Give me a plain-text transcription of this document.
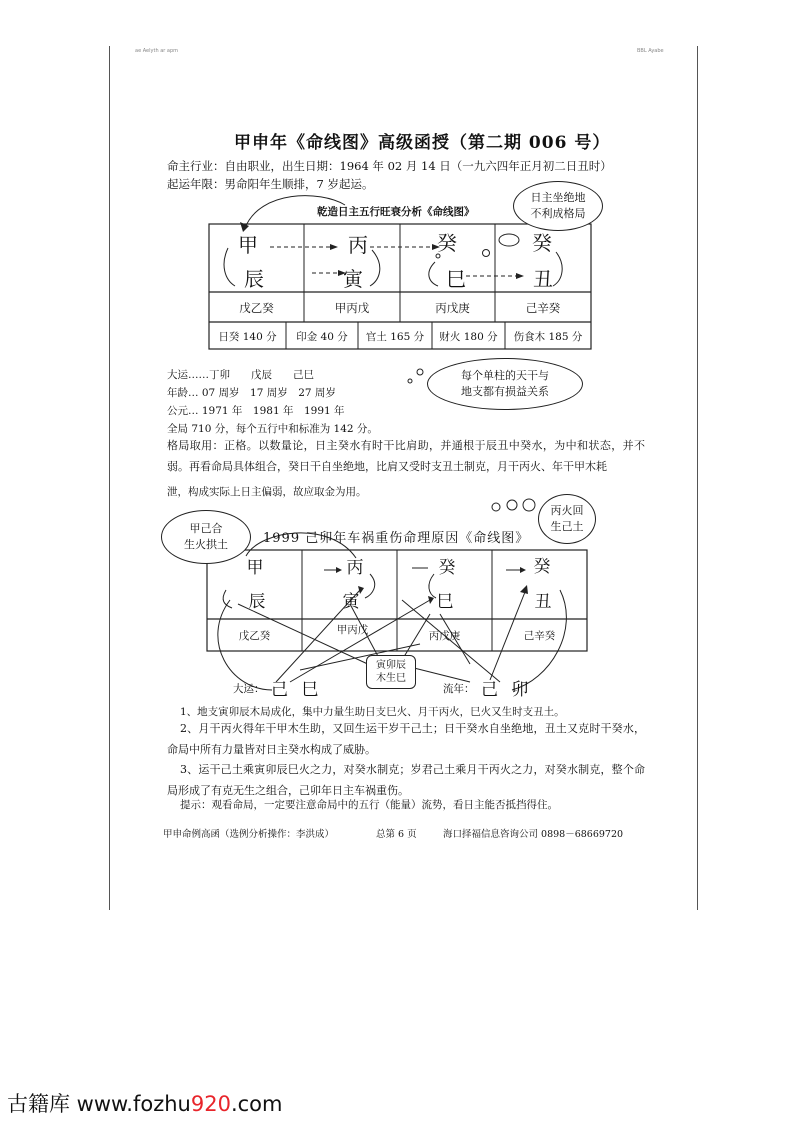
ae Aelyth ar apm	BBL Ayabe
甲申年《命线图》高级函授（第二期 006 号）
命主行业：自由职业，出生日期：1964 年 02 月 14 日（一九六四年正月初二日丑时）
起运年限：男命阳年生顺排，7 岁起运。
乾造日主五行旺衰分析《命线图》
日主坐绝地
不利成格局
甲	丙	癸	癸
辰	寅	巳	丑
戊乙癸	甲丙戊	丙戊庚	己辛癸
日癸 140 分	印金 40 分	官土 165 分	财火 180 分	伤食木 185 分
大运……丁卯　　戊辰　　己巳
年龄… 07 周岁　17 周岁　27 周岁
公元… 1971 年　1981 年　1991 年
全局 710 分，每个五行中和标准为 142 分。
每个单柱的天干与
地支都有损益关系
格局取用：正格。以数量论，日主癸水有时干比肩助，并通根于辰丑中癸水，为中和状态，并不弱。再看命局具体组合，癸日干自坐绝地，比肩又受时支丑土制克，月干丙火、年干甲木耗
泄，构成实际上日主偏弱，故应取金为用。
1999 己卯年车祸重伤命理原因《命线图》
甲己合
生火拱土
丙火回
生己土
寅卯辰
木生巳
甲	丙	癸	癸
辰	寅	巳	丑
戊乙癸	甲丙戊	丙戊庚	己辛癸
大运： 己 巳	流年： 己 卯
1、地支寅卯辰木局成化，集中力量生助日支巳火、月干丙火，巳火又生时支丑土。
2、月干丙火得年干甲木生助，又回生运干岁干己土；日干癸水自坐绝地，丑土又克时干癸水，命局中所有力量皆对日主癸水构成了威胁。
3、运干己土乘寅卯辰巳火之力，对癸水制克；岁君己土乘月干丙火之力，对癸水制克，整个命局形成了有克无生之组合，己卯年日主车祸重伤。
提示：观看命局，一定要注意命局中的五行（能量）流势，看日主能否抵挡得住。
甲申命例高函（选例分析操作：李洪成）	总第 6 页	海口择福信息咨询公司 0898－68669720
古籍库 www.fozhu920.com
